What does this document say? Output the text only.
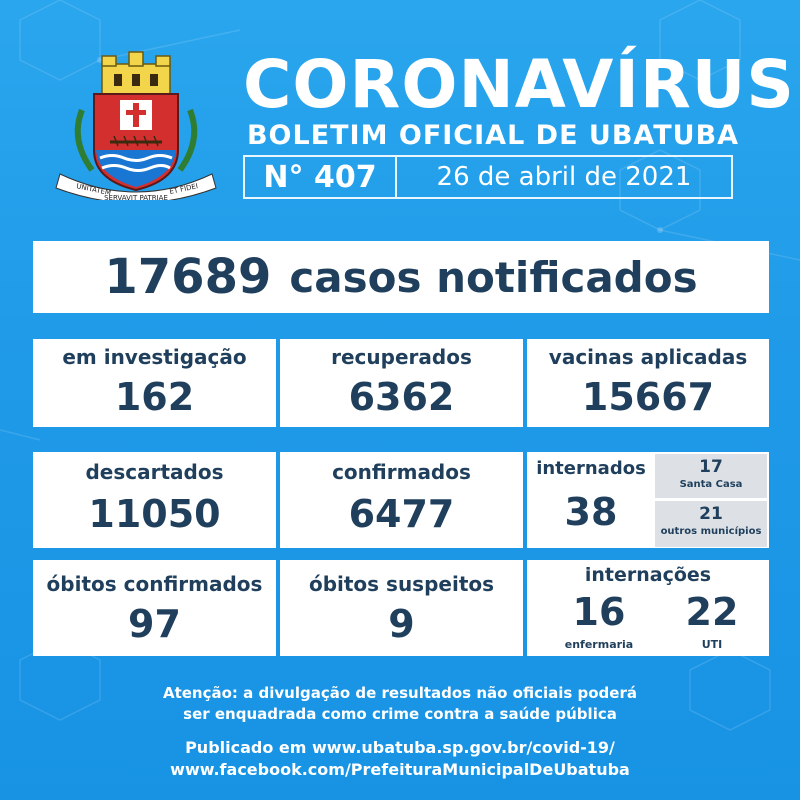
UNITATEM	ET FIDEI
SERVAVIT PATRIAE
CORONAVÍRUS
BOLETIM OFICIAL DE UBATUBA
N° 407	26 de abril de 2021
17689 casos notificados
em investigação
162
recuperados
6362
vacinas aplicadas
15667
descartados
11050
confirmados
6477
internados
38
17
Santa Casa
21
outros municípios
óbitos confirmados
97
óbitos suspeitos
9
internações
16
enfermaria
22
UTI
Atenção: a divulgação de resultados não oficiais poderá
ser enquadrada como crime contra a saúde pública
Publicado em www.ubatuba.sp.gov.br/covid-19/
www.facebook.com/PrefeituraMunicipalDeUbatuba
